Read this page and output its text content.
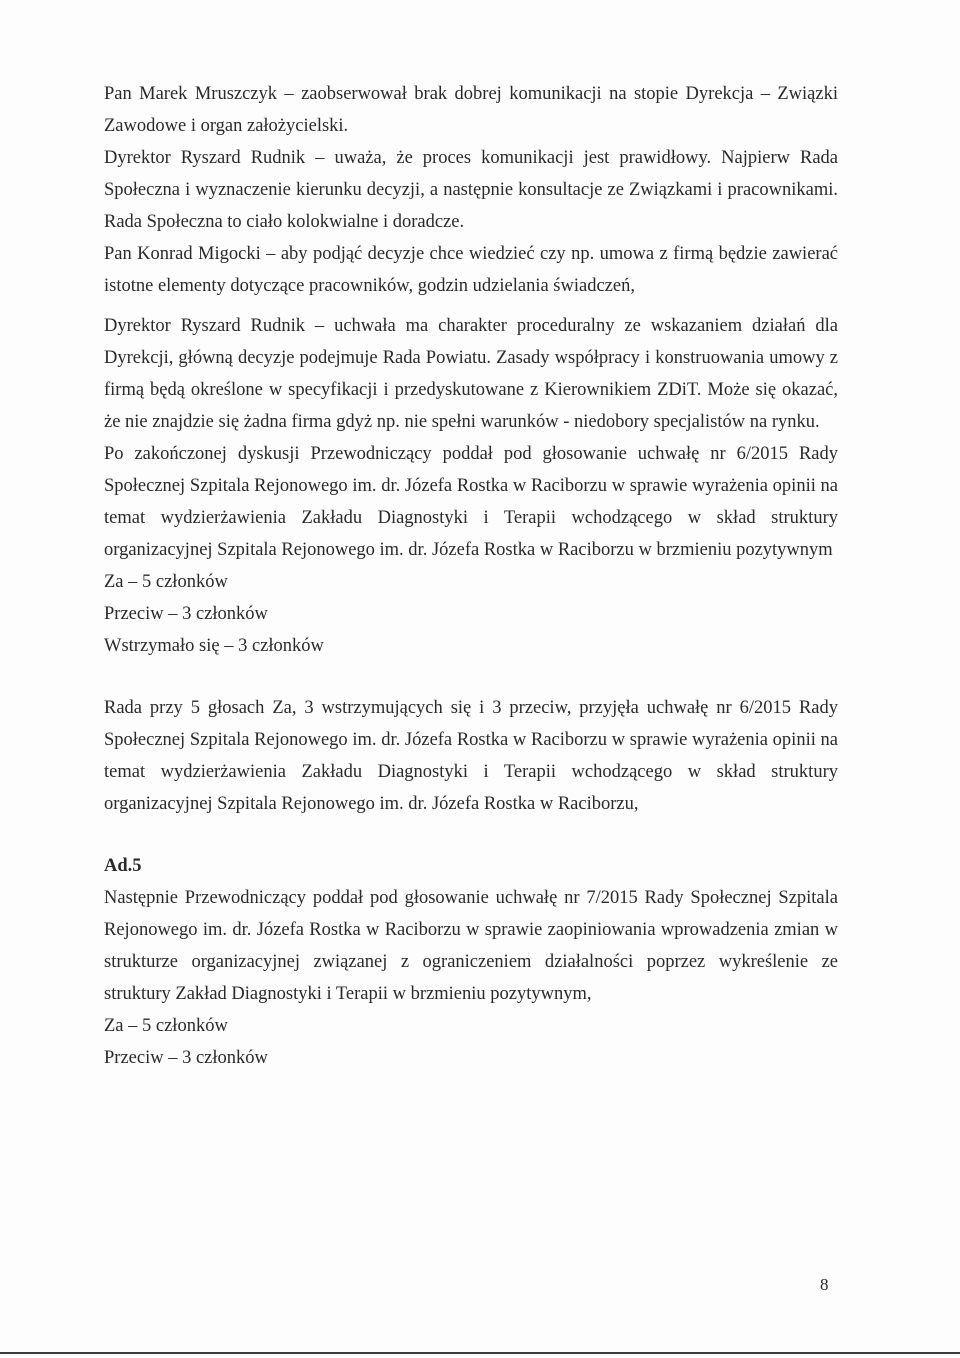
Pan Marek Mruszczyk – zaobserwował brak dobrej komunikacji na stopie Dyrekcja – Związki Zawodowe i organ założycielski.

Dyrektor Ryszard Rudnik – uważa, że proces komunikacji jest prawidłowy. Najpierw Rada Społeczna i wyznaczenie kierunku decyzji, a następnie konsultacje ze Związkami i pracownikami. Rada Społeczna to ciało kolokwialne i doradcze.

Pan Konrad Migocki – aby podjąć decyzje chce wiedzieć czy np. umowa z firmą będzie zawierać istotne elementy dotyczące pracowników, godzin udzielania świadczeń,

Dyrektor Ryszard Rudnik – uchwała ma charakter proceduralny ze wskazaniem działań dla Dyrekcji, główną decyzje podejmuje Rada Powiatu. Zasady współpracy i konstruowania umowy z firmą będą określone w specyfikacji i przedyskutowane z Kierownikiem ZDiT. Może się okazać, że nie znajdzie się żadna firma gdyż np. nie spełni warunków - niedobory specjalistów na rynku.

Po zakończonej dyskusji Przewodniczący poddał pod głosowanie uchwałę nr 6/2015 Rady Społecznej Szpitala Rejonowego im. dr. Józefa Rostka w Raciborzu w sprawie wyrażenia opinii na temat wydzierżawienia Zakładu Diagnostyki i Terapii wchodzącego w skład struktury organizacyjnej Szpitala Rejonowego im. dr. Józefa Rostka w Raciborzu w brzmieniu pozytywnym

Za – 5 członków

Przeciw – 3 członków

Wstrzymało się – 3 członków

Rada przy 5 głosach Za, 3 wstrzymujących się i 3 przeciw, przyjęła uchwałę nr 6/2015 Rady Społecznej Szpitala Rejonowego im. dr. Józefa Rostka w Raciborzu w sprawie wyrażenia opinii na temat wydzierżawienia Zakładu Diagnostyki i Terapii wchodzącego w skład struktury organizacyjnej Szpitala Rejonowego im. dr. Józefa Rostka w Raciborzu,

Ad.5

Następnie Przewodniczący poddał pod głosowanie uchwałę nr 7/2015 Rady Społecznej Szpitala Rejonowego im. dr. Józefa Rostka w Raciborzu w sprawie zaopiniowania wprowadzenia zmian w strukturze organizacyjnej związanej z ograniczeniem działalności poprzez wykreślenie ze struktury Zakład Diagnostyki i Terapii w brzmieniu pozytywnym,

Za – 5 członków

Przeciw – 3 członków

8
